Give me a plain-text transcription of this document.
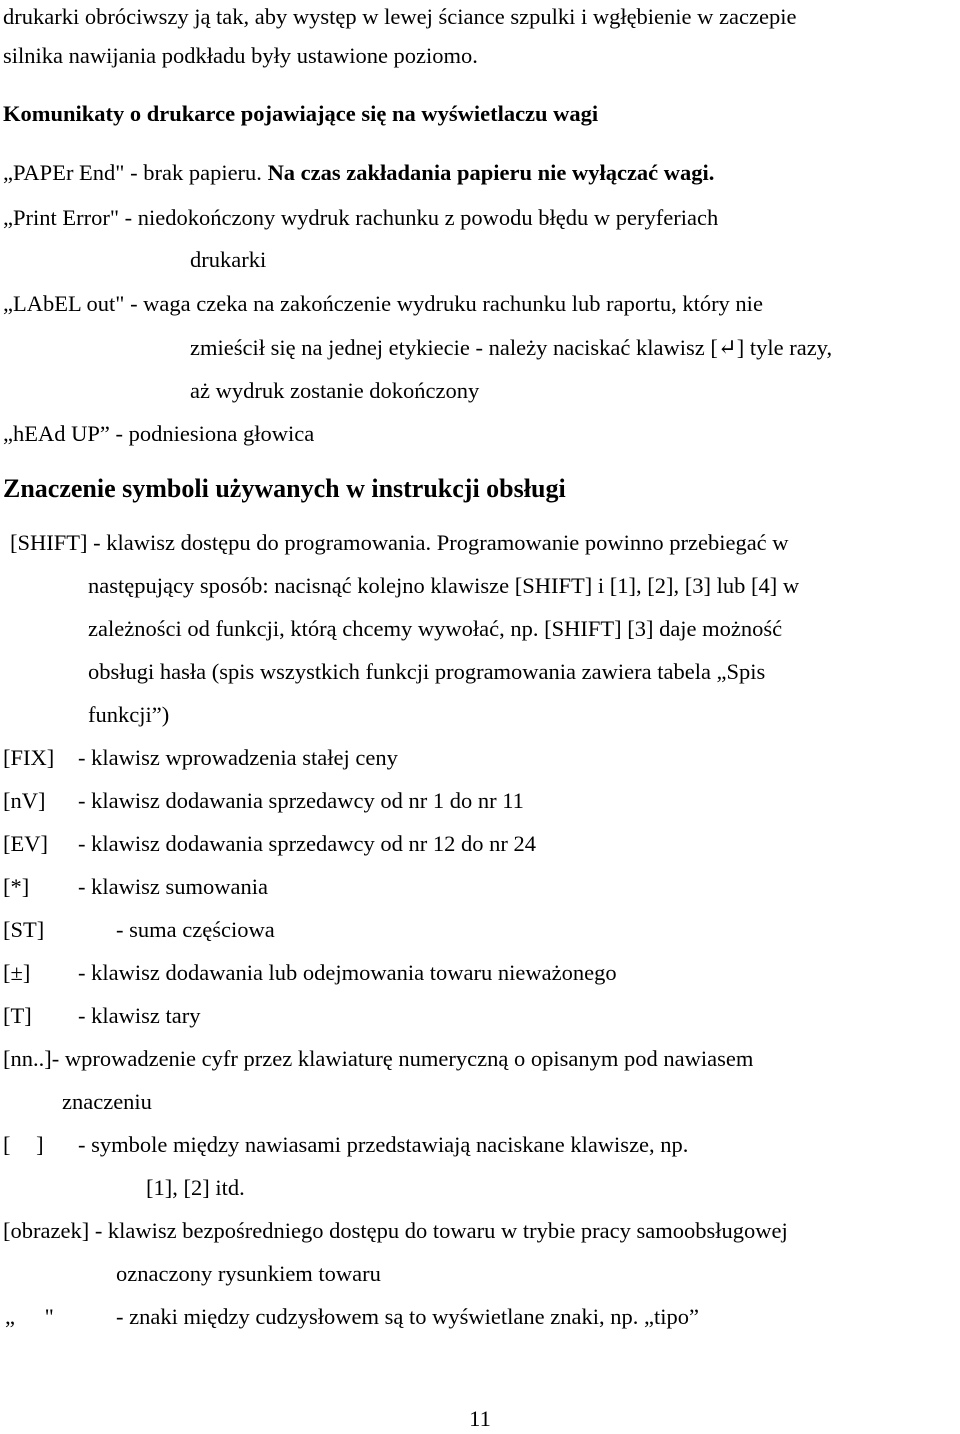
drukarki obróciwszy ją tak, aby występ w lewej ściance szpulki i wgłębienie w zaczepie
silnika nawijania podkładu były ustawione poziomo.
Komunikaty o drukarce pojawiające się na wyświetlaczu wagi
„PAPEr End" - brak papieru. Na czas zakładania papieru nie wyłączać wagi.
„Print Error" - niedokończony wydruk rachunku z powodu błędu w peryferiach
drukarki
„LAbEL out" - waga czeka na zakończenie wydruku rachunku lub raportu, który nie
zmieścił się na jednej etykiecie - należy naciskać klawisz [↵] tyle razy,
aż wydruk zostanie dokończony
„hEAd UP” - podniesiona głowica
Znaczenie symboli używanych w instrukcji obsługi
[SHIFT] - klawisz dostępu do programowania. Programowanie powinno przebiegać w
następujący sposób: nacisnąć kolejno klawisze [SHIFT] i [1], [2], [3] lub [4] w
zależności od funkcji, którą chcemy wywołać, np. [SHIFT] [3] daje możność
obsługi hasła (spis wszystkich funkcji programowania zawiera tabela „Spis
funkcji”)
[FIX] - klawisz wprowadzenia stałej ceny
[nV] - klawisz dodawania sprzedawcy od nr 1 do nr 11
[EV] - klawisz dodawania sprzedawcy od nr 12 do nr 24
[*] - klawisz sumowania
[ST]	- suma częściowa
[±] - klawisz dodawania lub odejmowania towaru nieważonego
[T] - klawisz tary
[nn..]- wprowadzenie cyfr przez klawiaturę numeryczną o opisanym pod nawiasem
znaczeniu
[ ] - symbole między nawiasami przedstawiają naciskane klawisze, np.
[1], [2] itd.
[obrazek] - klawisz bezpośredniego dostępu do towaru w trybie pracy samoobsługowej
oznaczony rysunkiem towaru
„ "	- znaki między cudzysłowem są to wyświetlane znaki, np. „tipo”
11
